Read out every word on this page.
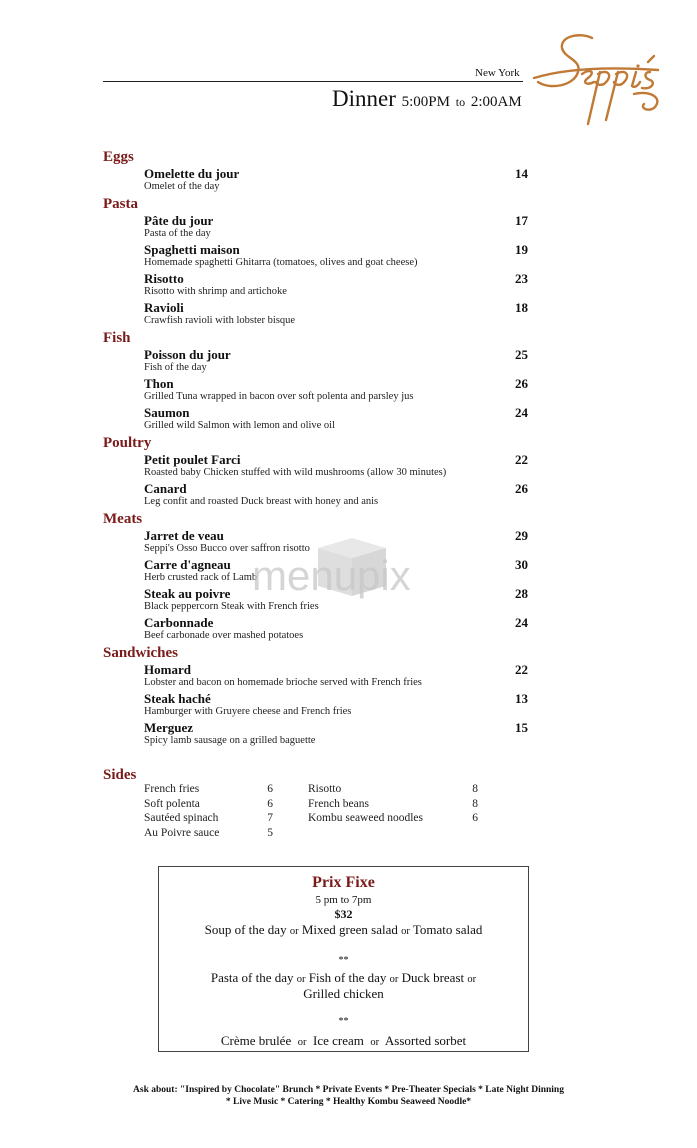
New York
Dinner 5:00PM to 2:00AM
Eggs
Omelette du jour	14
Omelet of the day
Pasta
Pâte du jour	17
Pasta of the day
Spaghetti maison	19
Homemade spaghetti Ghitarra (tomatoes, olives and goat cheese)
Risotto	23
Risotto with shrimp and artichoke
Ravioli	18
Crawfish ravioli with lobster bisque
Fish
Poisson du jour	25
Fish of the day
Thon	26
Grilled Tuna wrapped in bacon over soft polenta and parsley jus
Saumon	24
Grilled wild Salmon with lemon and olive oil
Poultry
Petit poulet Farci	22
Roasted baby Chicken stuffed with wild mushrooms (allow 30 minutes)
Canard	26
Leg confit and roasted Duck breast with honey and anis
Meats
Jarret de veau	29
Seppi's Osso Bucco over saffron risotto
Carre d'agneau	30
Herb crusted rack of Lamb
Steak au poivre	28
Black peppercorn Steak with French fries
Carbonnade	24
Beef carbonade over mashed potatoes
Sandwiches
Homard	22
Lobster and bacon on homemade brioche served with French fries
Steak haché	13
Hamburger with Gruyere cheese and French fries
Merguez	15
Spicy lamb sausage on a grilled baguette
menupix
Sides
French fries	6
Soft polenta	6
Sautéed spinach	7
Au Poivre sauce	5
Risotto	8
French beans	8
Kombu seaweed noodles	6
Prix Fixe
5 pm to 7pm
$32
Soup of the day or Mixed green salad or Tomato salad
**
Pasta of the day or Fish of the day or Duck breast or
Grilled chicken
**
Crème brulée or Ice cream or Assorted sorbet
Ask about: "Inspired by Chocolate" Brunch * Private Events * Pre-Theater Specials * Late Night Dinning
* Live Music * Catering * Healthy Kombu Seaweed Noodle*
